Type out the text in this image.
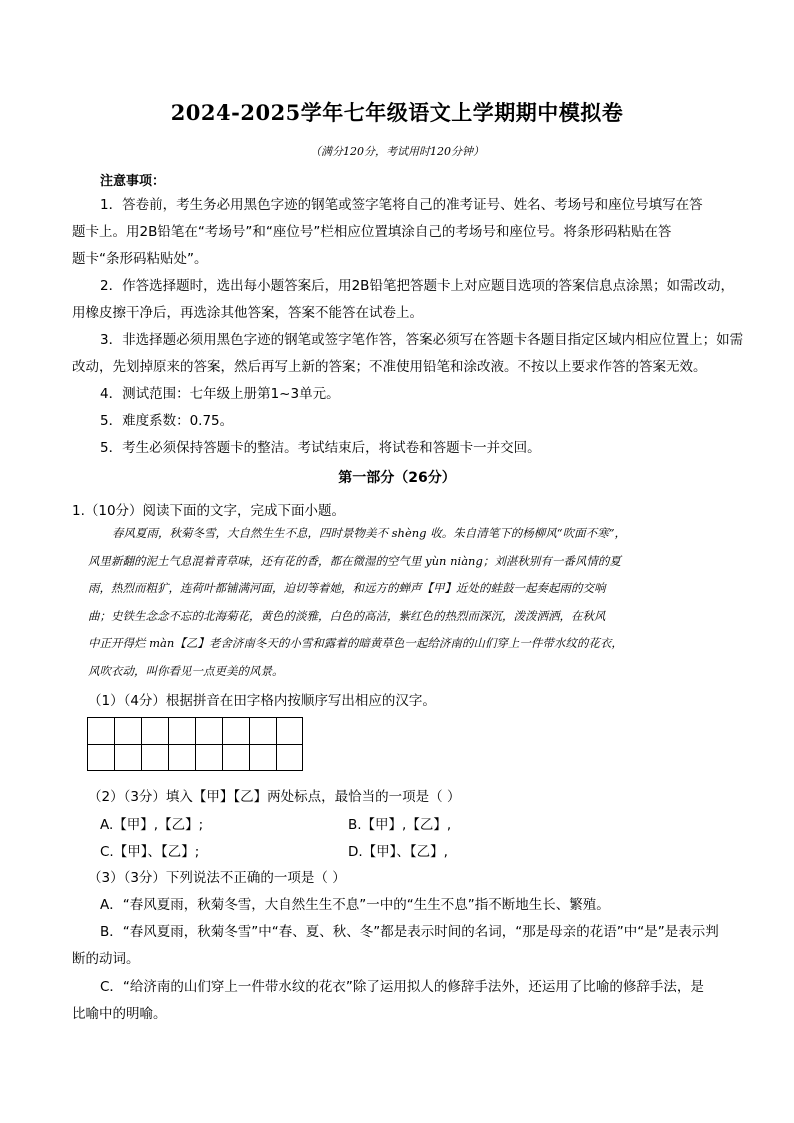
2024-2025学年七年级语文上学期期中模拟卷
（满分120分，考试用时120分钟）
注意事项：
1．答卷前，考生务必用黑色字迹的钢笔或签字笔将自己的准考证号、姓名、考场号和座位号填写在答
题卡上。用2B铅笔在“考场号”和“座位号”栏相应位置填涂自己的考场号和座位号。将条形码粘贴在答
题卡“条形码粘贴处”。
2．作答选择题时，选出每小题答案后，用2B铅笔把答题卡上对应题目选项的答案信息点涂黑；如需改动，
用橡皮擦干净后，再选涂其他答案，答案不能答在试卷上。
3．非选择题必须用黑色字迹的钢笔或签字笔作答，答案必须写在答题卡各题目指定区域内相应位置上；如需
改动，先划掉原来的答案，然后再写上新的答案；不准使用铅笔和涂改液。不按以上要求作答的答案无效。
4．测试范围：七年级上册第1~3单元。
5．难度系数：0.75。
5．考生必须保持答题卡的整洁。考试结束后，将试卷和答题卡一并交回。
第一部分（26分）
1.（10分）阅读下面的文字，完成下面小题。
春风夏雨，秋菊冬雪，大自然生生不息，四时景物美不 shèng 收。朱自清笔下的杨柳风“吹面不寒”，
风里新翻的泥土气息混着青草味，还有花的香，都在微湿的空气里 yùn niàng；刘湛秋别有一番风情的夏
雨，热烈而粗犷，连荷叶都铺满河面，迫切等着她，和远方的蝉声【甲】近处的蛙鼓一起奏起雨的交响
曲；史铁生念念不忘的北海菊花，黄色的淡雅，白色的高洁，紫红色的热烈而深沉，泼泼洒洒，在秋风
中正开得烂 màn【乙】老舍济南冬天的小雪和露着的暗黄草色一起给济南的山们穿上一件带水纹的花衣，
风吹衣动，叫你看见一点更美的风景。
（1）（4分）根据拼音在田字格内按顺序写出相应的汉字。
（2）（3分）填入【甲】【乙】两处标点，最恰当的一项是（ ）
A.【甲】,【乙】;	B.【甲】,【乙】,
C.【甲】、【乙】;	D.【甲】、【乙】,
（3）（3分）下列说法不正确的一项是（ ）
A．“春风夏雨，秋菊冬雪，大自然生生不息”一中的“生生不息”指不断地生长、繁殖。
B．“春风夏雨，秋菊冬雪”中“春、夏、秋、冬”都是表示时间的名词，“那是母亲的花语”中“是”是表示判
断的动词。
C．“给济南的山们穿上一件带水纹的花衣”除了运用拟人的修辞手法外，还运用了比喻的修辞手法，是
比喻中的明喻。
